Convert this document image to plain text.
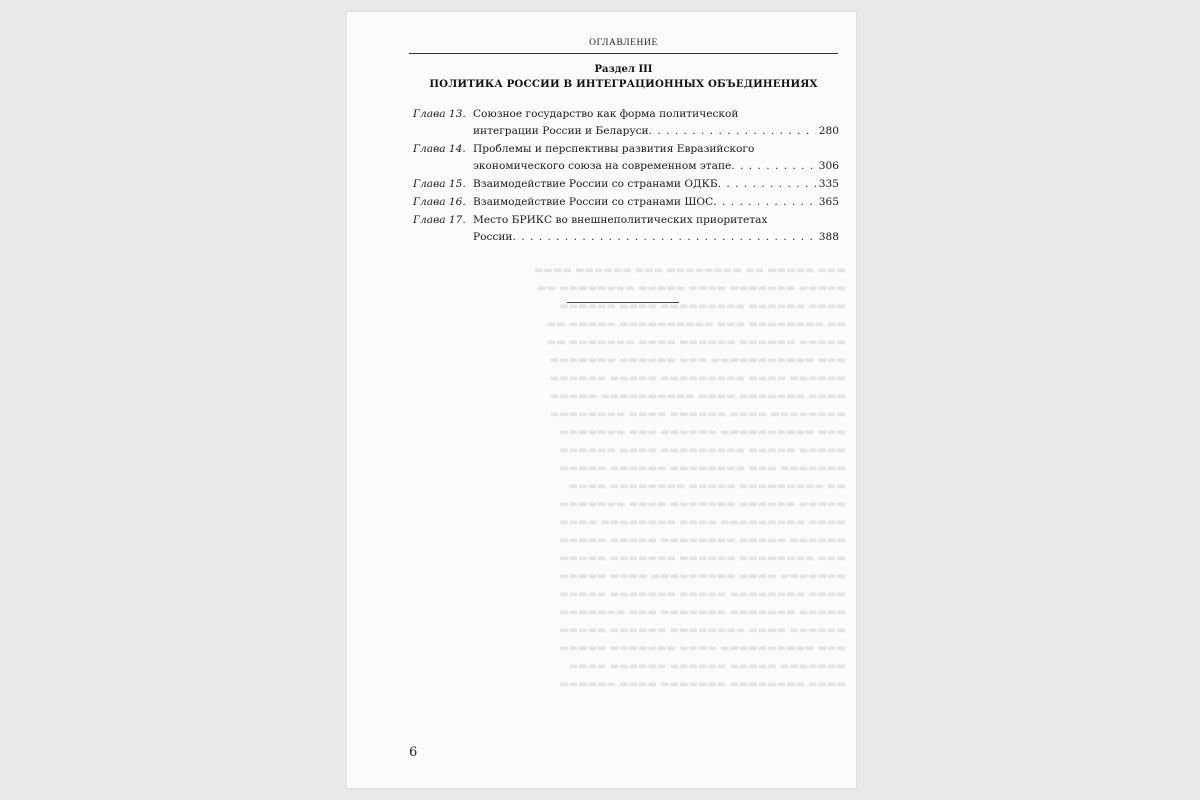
ОГЛАВЛЕНИЕ
Раздел III
ПОЛИТИКА РОССИИ В ИНТЕГРАЦИОННЫХ ОБЪЕДИНЕНИЯХ
Глава 13. Союзное государство как форма политической
интеграции России и Беларуси . . .	280
Глава 14. Проблемы и перспективы развития Евразийского
экономического союза на современном этапе . . .	306
Глава 15. Взаимодействие России со странами ОДКБ . . .	335
Глава 16. Взаимодействие России со странами ШОС . . .	365
Глава 17. Место БРИКС во внешнеполитических приоритетах
России . . .	388
▬▬▬ ▬▬▬▬▬ ▬▬ ▬▬▬▬▬▬▬▬ ▬▬▬ ▬▬▬▬▬▬ ▬▬▬▬
▬▬▬▬▬ ▬▬▬▬▬▬▬ ▬▬▬▬ ▬▬▬▬▬ ▬▬▬▬▬▬▬▬ ▬▬
▬▬▬▬ ▬▬▬▬▬▬ ▬▬▬▬▬▬▬▬▬ ▬▬▬▬ ▬▬▬▬▬▬
▬▬ ▬▬▬▬▬▬▬▬ ▬▬▬ ▬▬▬▬▬▬▬▬▬▬ ▬▬▬▬▬ ▬▬
▬▬▬▬▬ ▬▬▬▬▬▬ ▬▬▬▬▬▬ ▬▬▬▬ ▬▬▬▬▬▬▬ ▬▬
▬▬▬ ▬▬▬▬▬▬▬▬▬▬▬ ▬▬▬ ▬▬▬▬▬▬ ▬▬▬▬▬▬▬
▬▬▬▬▬▬ ▬▬▬▬ ▬▬▬▬▬▬▬▬▬ ▬▬▬▬▬ ▬▬▬▬▬▬
▬▬▬▬ ▬▬▬▬▬▬▬ ▬▬▬▬ ▬▬▬▬▬▬▬▬▬▬ ▬▬▬▬▬
▬▬▬▬▬▬▬▬ ▬▬▬▬ ▬▬▬▬▬▬ ▬▬▬▬ ▬▬▬▬▬▬▬▬
▬▬▬ ▬▬▬▬▬▬▬▬▬▬ ▬▬▬▬▬▬ ▬▬▬ ▬▬▬▬▬▬▬
▬▬▬▬▬ ▬▬▬▬▬ ▬▬▬▬▬▬▬▬▬ ▬▬▬▬ ▬▬▬▬▬▬
▬▬▬▬▬▬▬ ▬▬▬ ▬▬▬▬▬▬▬▬ ▬▬▬▬▬▬ ▬▬▬▬▬
▬▬ ▬▬▬▬▬▬▬▬▬ ▬▬▬▬▬ ▬▬▬▬▬▬▬▬ ▬▬▬▬
▬▬▬▬▬ ▬▬▬▬▬▬ ▬▬▬▬▬▬▬ ▬▬▬▬ ▬▬▬▬▬▬▬
▬▬▬▬ ▬▬▬▬▬▬▬▬▬ ▬▬▬▬ ▬▬▬▬▬▬▬▬ ▬▬▬▬
▬▬▬▬▬▬ ▬▬▬▬▬ ▬▬▬▬▬▬▬▬ ▬▬▬▬▬ ▬▬▬▬▬
▬▬▬ ▬▬▬▬▬▬▬▬ ▬▬▬▬▬▬ ▬▬▬▬▬▬▬ ▬▬▬▬▬
▬▬▬▬▬▬▬ ▬▬▬▬ ▬▬▬▬▬▬▬▬▬ ▬▬▬▬ ▬▬▬▬▬
▬▬▬▬ ▬▬▬▬▬▬▬▬ ▬▬▬▬▬ ▬▬▬▬▬▬▬ ▬▬▬▬▬
▬▬▬▬▬ ▬▬▬▬▬▬▬ ▬▬▬▬▬▬▬ ▬▬▬ ▬▬▬▬▬▬▬
▬▬▬▬▬▬ ▬▬▬▬ ▬▬▬▬▬▬▬▬ ▬▬▬▬▬▬ ▬▬▬▬▬
▬▬▬ ▬▬▬▬▬▬▬▬▬▬ ▬▬▬▬ ▬▬▬▬▬▬▬ ▬▬▬▬▬
▬▬▬▬▬▬▬ ▬▬▬▬▬ ▬▬▬▬▬▬ ▬▬▬▬▬▬ ▬▬▬▬
▬▬▬▬ ▬▬▬▬▬▬▬▬ ▬▬▬▬▬▬▬ ▬▬▬▬ ▬▬▬▬▬▬
6
